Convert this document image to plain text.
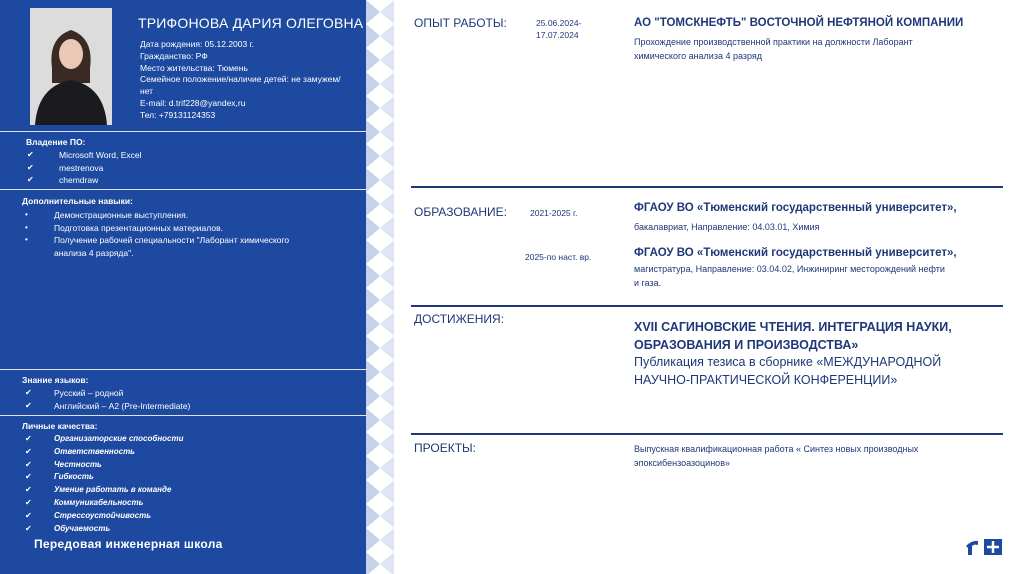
ТРИФОНОВА ДАРИЯ ОЛЕГОВНА
Дата рождения: 05.12.2003 г.
Гражданство: РФ
Место жительства: Тюмень
Семейное положение/наличие детей: не замужем/нет
E-mail: d.trif228@yandex,ru
Тел: +79131124353
Владение ПО:
✔	Microsoft Word, Excel
✔	mestrenova
✔	chemdraw
Дополнительные навыки:
•	Демонстрационные выступления.
•	Подготовка презентационных материалов.
•	Получение рабочей специальности "Лаборант химического
анализа 4 разряда".
Знание языков:
✔	Русский – родной
✔	Английский – A2 (Pre-Intermediate)
Личные качества:
✔	Организаторские способности
✔	Ответственность
✔	Честность
✔	Гибкость
✔	Умение работать в команде
✔	Коммуникабельность
✔	Стрессоустойчивость
✔	Обучаемость
Передовая инженерная школа
ОПЫТ РАБОТЫ:	25.06.2024-
17.07.2024
АО "ТОМСКНЕФТЬ" ВОСТОЧНОЙ НЕФТЯНОЙ КОМПАНИИ
Прохождение производственной практики на должности Лаборант
химического анализа 4 разряд
ОБРАЗОВАНИЕ:	2021-2025 г.	ФГАОУ ВО «Тюменский государственный университет»,
бакалавриат, Направление: 04.03.01, Химия
2025-по наст. вр.	ФГАОУ ВО «Тюменский государственный университет»,
магистратура, Направление: 03.04.02, Инжиниринг месторождений нефти
и газа.
ДОСТИЖЕНИЯ:
XVII САГИНОВСКИЕ ЧТЕНИЯ. ИНТЕГРАЦИЯ НАУКИ, ОБРАЗОВАНИЯ И ПРОИЗВОДСТВА»
Публикация тезиса в сборнике «МЕЖДУНАРОДНОЙ НАУЧНО-ПРАКТИЧЕСКОЙ КОНФЕРЕНЦИИ»
ПРОЕКТЫ:	Выпускная квалификационная работа « Синтез новых производных
эпоксибензоазоцинов»
